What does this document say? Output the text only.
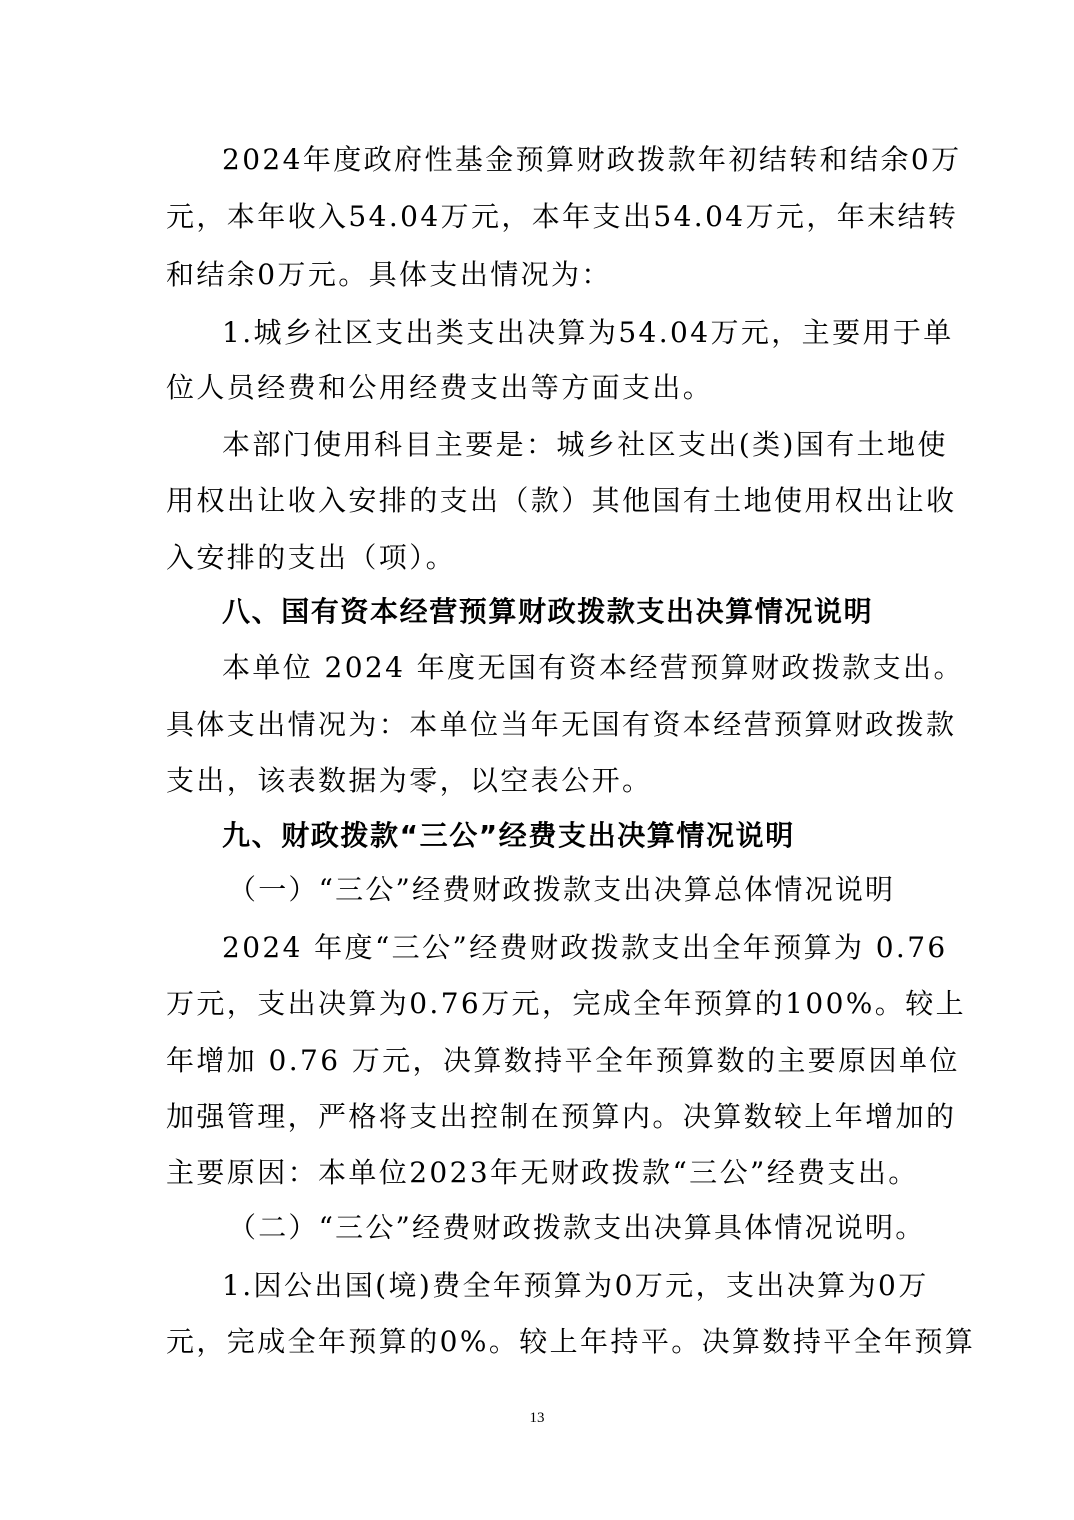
2024年度政府性基金预算财政拨款年初结转和结余0万
元，本年收入54.04万元，本年支出54.04万元，年末结转
和结余0万元。具体支出情况为：
1.城乡社区支出类支出决算为54.04万元，主要用于单
位人员经费和公用经费支出等方面支出。
本部门使用科目主要是：城乡社区支出(类)国有土地使
用权出让收入安排的支出（款）其他国有土地使用权出让收
入安排的支出（项）。
八、国有资本经营预算财政拨款支出决算情况说明
本单位 2024 年度无国有资本经营预算财政拨款支出。
具体支出情况为：本单位当年无国有资本经营预算财政拨款
支出，该表数据为零，以空表公开。
九、财政拨款“三公”经费支出决算情况说明
（一）“三公”经费财政拨款支出决算总体情况说明
2024 年度“三公”经费财政拨款支出全年预算为 0.76
万元，支出决算为0.76万元，完成全年预算的100%。较上
年增加 0.76 万元，决算数持平全年预算数的主要原因单位
加强管理，严格将支出控制在预算内。决算数较上年增加的
主要原因：本单位2023年无财政拨款“三公”经费支出。
（二）“三公”经费财政拨款支出决算具体情况说明。
1.因公出国(境)费全年预算为0万元，支出决算为0万
元，完成全年预算的0%。较上年持平。决算数持平全年预算
13
